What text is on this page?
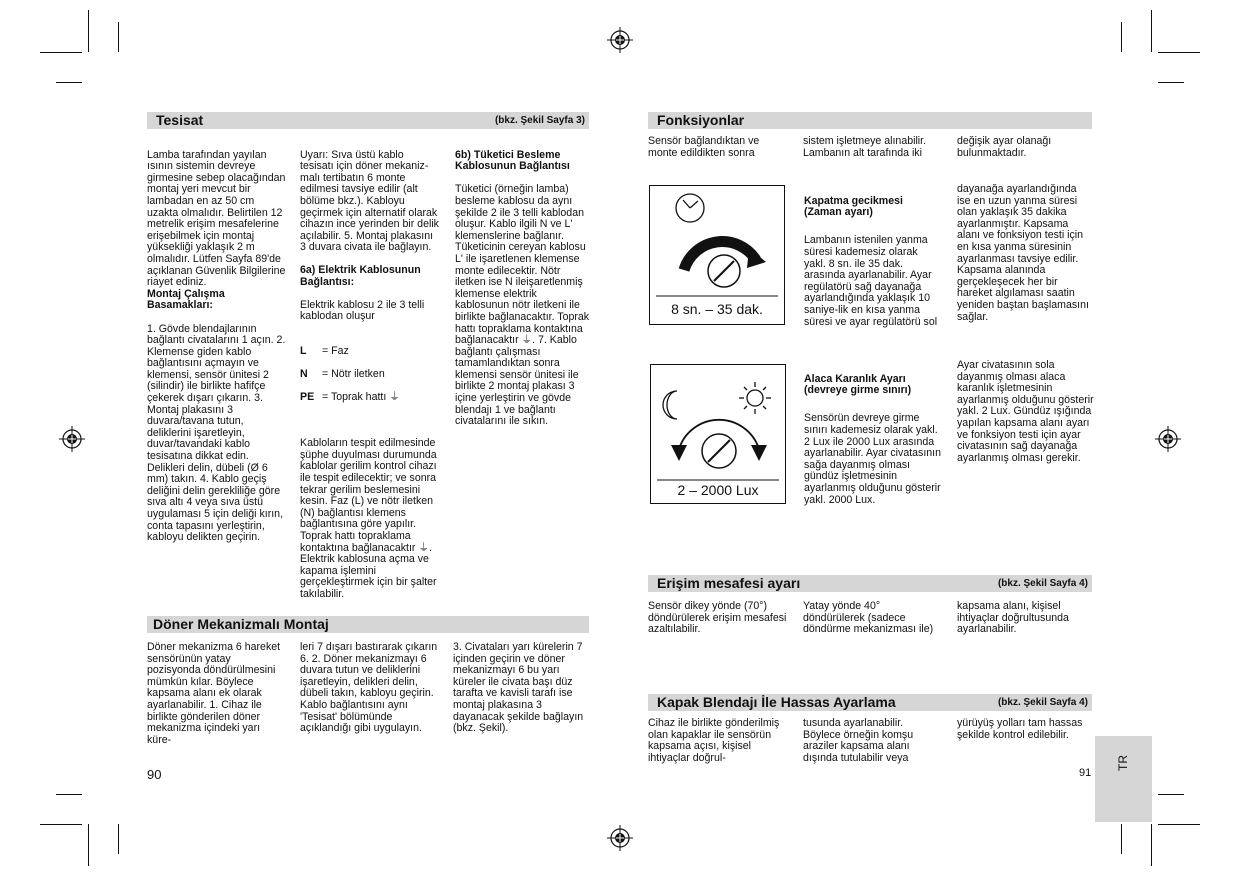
Tesisat	(bkz. Şekil Sayfa 3)

Lamba tarafından yayılan ısının sistemin devreye girmesine sebep olacağından montaj yeri mevcut bir lambadan en az 50 cm uzakta olmalıdır. Belirtilen 12 metrelik erişim mesafelerine erişebilmek için montaj yüksekliği yaklaşık 2 m olmalıdır. Lütfen Sayfa 89'de açıklanan Güvenlik Bilgilerine riayet ediniz.

Montaj Çalışma Basamakları:

1. Gövde blendajlarının bağlantı civatalarını 1 açın. 2. Klemense giden kablo bağlantısını açmayın ve klemensi, sensör ünitesi 2 (silindir) ile birlikte hafifçe çekerek dışarı çıkarın. 3. Montaj plakasını 3 duvara/tavana tutun, deliklerini işaretleyin, duvar/tavandaki kablo tesisatına dikkat edin. Delikleri delin, dübeli (Ø 6 mm) takın. 4. Kablo geçiş deliğini delin gerekliliğe göre sıva altı 4 veya sıva üstü uygulaması 5 için deliği kırın, conta tapasını yerleştirin, kabloyu delikten geçirin.

Uyarı: Sıva üstü kablo tesisatı için döner mekaniz-malı tertibatın 6 monte edilmesi tavsiye edilir (alt bölüme bkz.). Kabloyu geçirmek için alternatif olarak cihazın ince yerinden bir delik açılabilir. 5. Montaj plakasını 3 duvara civata ile bağlayın.

6a) Elektrik Kablosunun Bağlantısı:

Elektrik kablosu 2 ile 3 telli kablodan oluşur

L = Faz

N = Nötr iletken

PE = Toprak hattı ⏚

Kabloların tespit edilmesinde şüphe duyulması durumunda kablolar gerilim kontrol cihazı ile tespit edilecektir; ve sonra tekrar gerilim beslemesini kesin. Faz (L) ve nötr iletken (N) bağlantısı klemens bağlantısına göre yapılır. Toprak hattı topraklama kontaktına bağlanacaktır ⏚. Elektrik kablosuna açma ve kapama işlemini gerçekleştirmek için bir şalter takılabilir.

6b) Tüketici Besleme Kablosunun Bağlantısı

Tüketici (örneğin lamba) besleme kablosu da aynı şekilde 2 ile 3 telli kablodan oluşur. Kablo ilgili N ve L' klemenslerine bağlanır. Tüketicinin cereyan kablosu L' ile işaretlenen klemense monte edilecektir. Nötr iletken ise N ileişaretlenmiş klemense elektrik kablosunun nötr iletkeni ile birlikte bağlanacaktır. Toprak hattı topraklama kontaktına bağlanacaktır ⏚. 7. Kablo bağlantı çalışması tamamlandıktan sonra klemensi sensör ünitesi ile birlikte 2 montaj plakası 3 içine yerleştirin ve gövde blendajı 1 ve bağlantı civatalarını ile sıkın.

Döner Mekanizmalı Montaj
Döner mekanizma 6 hareket sensörünün yatay pozisyonda döndürülmesini mümkün kılar. Böylece kapsama alanı ek olarak ayarlanabilir. 1. Cihaz ile birlikte gönderilen döner mekanizma içindeki yarı küre-
leri 7 dışarı bastırarak çıkarın 6. 2. Döner mekanizmayı 6 duvara tutun ve deliklerini işaretleyin, delikleri delin, dübeli takın, kabloyu geçirin. Kablo bağlantısını aynı 'Tesisat' bölümünde açıklandığı gibi uygulayın.
3. Civataları yarı kürelerin 7 içinden geçirin ve döner mekanizmayı 6 bu yarı küreler ile civata başı düz tarafta ve kavisli tarafı ise montaj plakasına 3 dayanacak şekilde bağlayın (bkz. Şekil).
90
Fonksiyonlar
Sensör bağlandıktan ve monte edildikten sonra
sistem işletmeye alınabilir. Lambanın alt tarafında iki
değişik ayar olanağı bulunmaktadır.
8 sn. – 35 dak.

Kapatma gecikmesi (Zaman ayarı)

Lambanın istenilen yanma süresi kademesiz olarak yakl. 8 sn. ile 35 dak. arasında ayarlanabilir. Ayar regülatörü sağ dayanağa ayarlandığında yaklaşık 10 saniye-lik en kısa yanma süresi ve ayar regülatörü sol

dayanağa ayarlandığında ise en uzun yanma süresi olan yaklaşık 35 dakika ayarlanmıştır. Kapsama alanı ve fonksiyon testi için en kısa yanma süresinin ayarlanması tavsiye edilir. Kapsama alanında gerçekleşecek her bir hareket algılaması saatin yeniden baştan başlamasını sağlar.
2 – 2000 Lux

Alaca Karanlık Ayarı (devreye girme sınırı)

Sensörün devreye girme sınırı kademesiz olarak yakl. 2 Lux ile 2000 Lux arasında ayarlanabilir. Ayar civatasının sağa dayanmış olması gündüz işletmesinin ayarlanmış olduğunu gösterir yakl. 2000 Lux.

Ayar civatasının sola dayanmış olması alaca karanlık işletmesinin ayarlanmış olduğunu gösterir yakl. 2 Lux. Gündüz ışığında yapılan kapsama alanı ayarı ve fonksiyon testi için ayar civatasının sağ dayanağa ayarlanmış olması gerekir.
Erişim mesafesi ayarı	(bkz. Şekil Sayfa 4)
Sensör dikey yönde (70°) döndürülerek erişim mesafesi azaltılabilir.
Yatay yönde 40° döndürülerek (sadece döndürme mekanizması ile)
kapsama alanı, kişisel ihtiyaçlar doğrultusunda ayarlanabilir.
Kapak Blendajı İle Hassas Ayarlama	(bkz. Şekil Sayfa 4)
Cihaz ile birlikte gönderilmiş olan kapaklar ile sensörün kapsama açısı, kişisel ihtiyaçlar doğrul-
tusunda ayarlanabilir. Böylece örneğin komşu araziler kapsama alanı dışında tutulabilir veya
yürüyüş yolları tam hassas şekilde kontrol edilebilir.
91
TR
